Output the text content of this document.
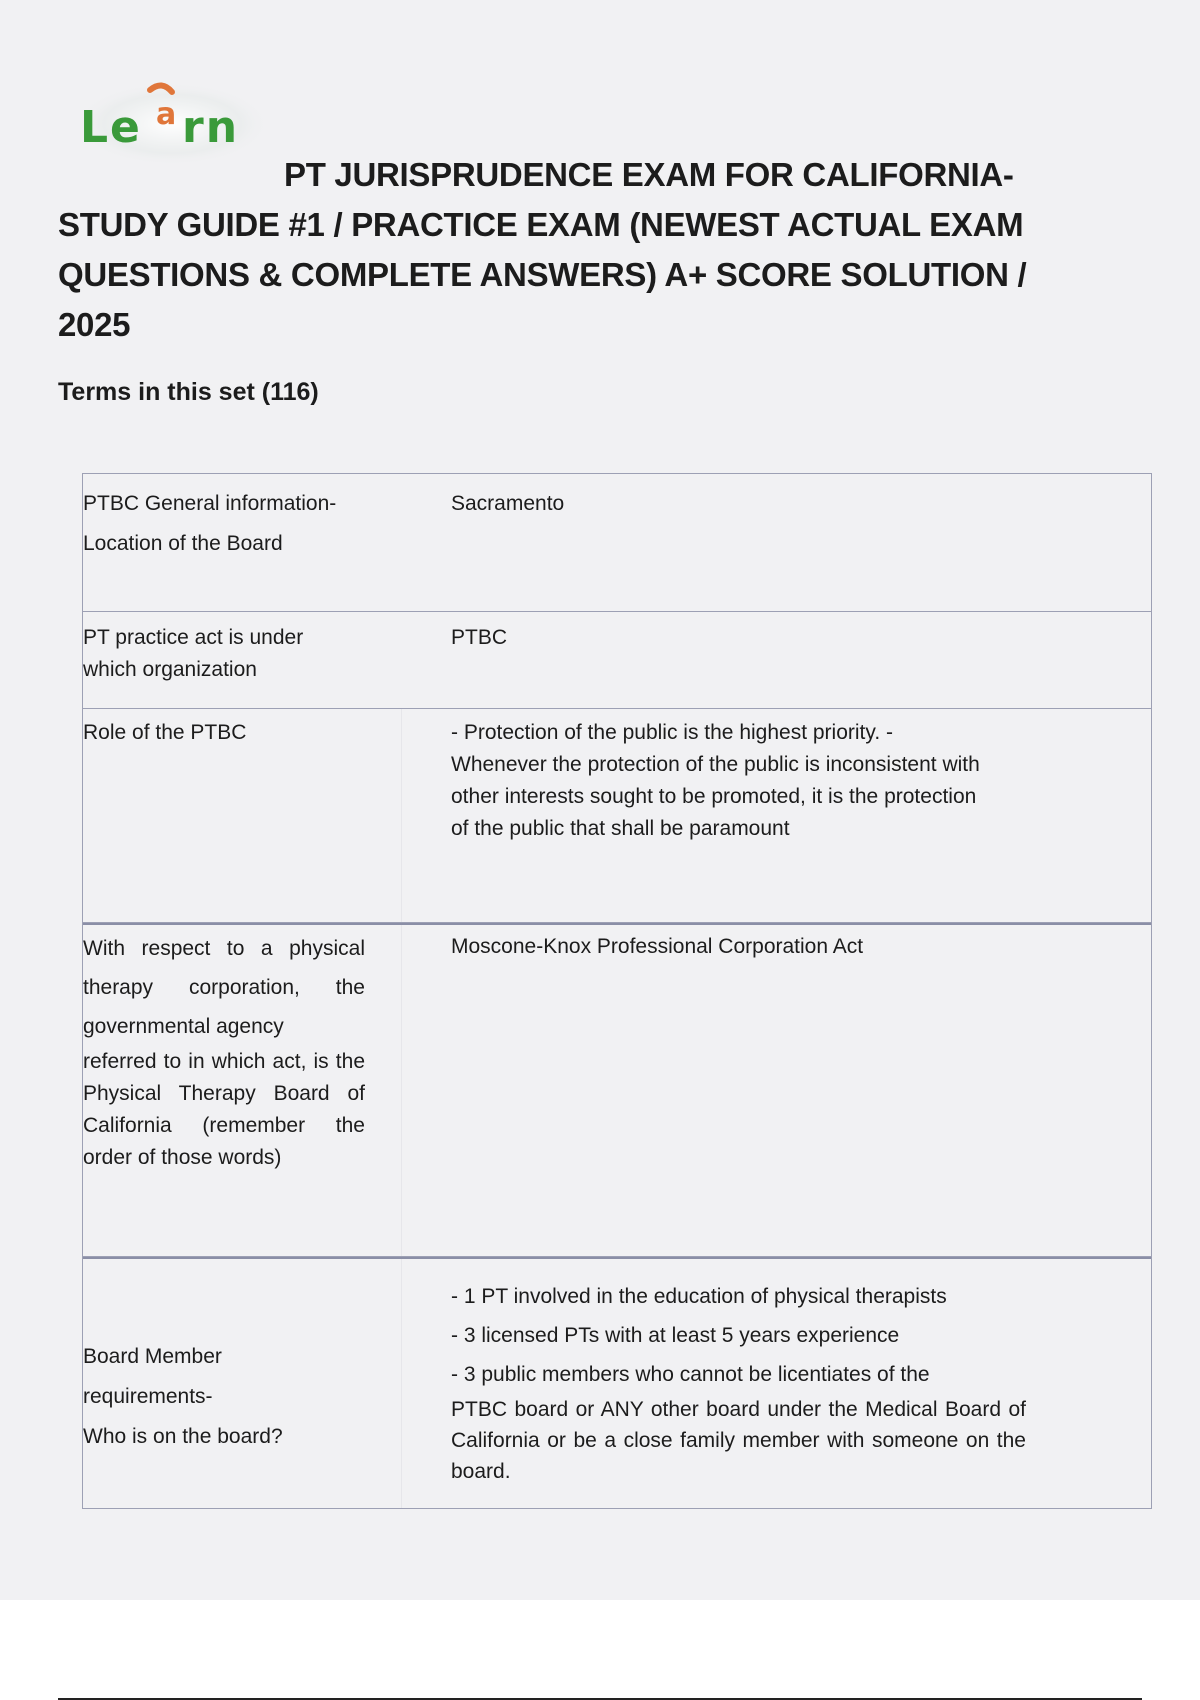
Le a rn
PT JURISPRUDENCE EXAM FOR CALIFORNIA- STUDY GUIDE #1 / PRACTICE EXAM (NEWEST ACTUAL EXAM QUESTIONS & COMPLETE ANSWERS) A+ SCORE SOLUTION / 2025
Terms in this set (116)
PTBC General information-
Location of the Board
Sacramento
PT practice act is under
which organization
PTBC
Role of the PTBC	- Protection of the public is the highest priority. -
Whenever the protection of the public is inconsistent with
other interests sought to be promoted, it is the protection
of the public that shall be paramount
With respect to a physical therapy corporation, the governmental agency
referred to in which act, is the Physical Therapy Board of California (remember the order of those words)
Moscone-Knox Professional Corporation Act
Board Member
requirements-
Who is on the board?
- 1 PT involved in the education of physical therapists
- 3 licensed PTs with at least 5 years experience
- 3 public members who cannot be licentiates of the
PTBC board or ANY other board under the Medical Board of California or be a close family member with someone on the board.
